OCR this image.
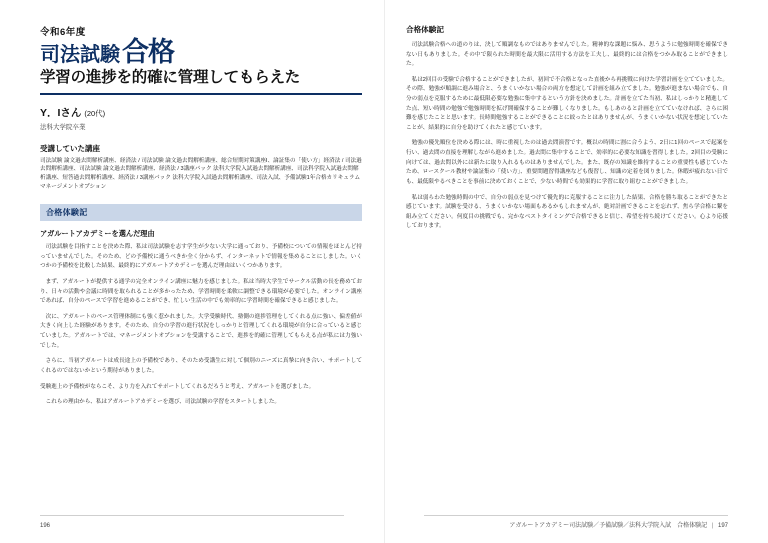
令和6年度
司法試験 合格
学習の進捗を的確に管理してもらえた
Y．Iさん (20代)
法科大学院卒業
受講していた講座
司法試験 論文過去問解析講座、経済法 / 司法試験 論文過去問解析講座、総合短期対策講座Ⅰ、論証集の「使い方」経済法 / 司法過去問解析講座、司法試験 論文過去問解析講座、経済法 / 3講座パック 法科大学院入試過去問解析講座、司法科学院入試過去問解析講座、短答過去問解析講座、経済法 / 3講座パック 法科大学院入試過去問解析講座、司法入試、予備試験1年合格カリキュラム マネージメントオプション
合格体験記
アガルートアカデミーを選んだ理由

司法試験を目指すことを決めた際、私は司法試験を志す学生が少ない大学に通っており、予備校についての情報をほとんど持っていませんでした。そのため、どの予備校に通うべきか全く分からず、インターネットで情報を集めることにしました。いくつかの予備校を比較した結果、最終的にアガルートアカデミーを選んだ理由はいくつかあります。

まず、アガルートが提供する通学の完全オンライン講座に魅力を感じました。私は当時大学生でサークル活動の長を務めており、日々の活動や会議に時間を取られることが多かったため、学習時間を柔軟に調整できる環境が必要でした。オンライン講座であれば、自分のペースで学習を進めることができ、忙しい生活の中でも効率的に学習時間を確保できると感じました。

次に、アガルートのペース管理体制にも強く惹かれました。大学受験時代、塾側の進捗管理をしてくれる点に強い、偏差値が大きく向上した経験があります。そのため、自分の学習の進行状況をしっかりと管理してくれる環境が自分に合っていると感じていました。アガルートでは、マネージメントオプションを受講することで、進捗を的確に管理してもらえる点が私には力強いでした。

さらに、当初アガルートは成長途上の予備校であり、そのため受講生に対して個別のニーズに真摯に向き合い、サポートしてくれるのではないかという期待がありました。

受験進上の予備校がならこそ、より力を入れてサポートしてくれるだろうと考え、アガルートを選びました。

これらの理由から、私はアガルートアカデミーを選び、司法試験の学習をスタートしました。

196
合格体験記

司法試験合格への道のりは、決して順調なものではありませんでした。精神的な課題に悩み、思うように勉強時間を確保できない日もありました。その中で限られた時間を最大限に活用する方法を工夫し、最終的には合格をつかみ取ることができました。

私は2回目の受験で合格することができましたが、初回で不合格となった直後から再挑戦に向けた学習計画を立てていました。その際、勉強が順調に進み場合と、うまくいかない場合の両方を想定して計画を組み立てました。勉強が進まない場合でも、自分の弱点を克服するために最低限必要な勉強に集中するという方針を決めました。計画を立てた当初、私はしっかりと精進してた点、短い時間の勉強で勉強時間を拡げ開確保することが難しくなりました。もしあのると計画を立てていなければ、さらに困難を感じたことと思います。長時間勉強することができることに絞ったとはありませんが、うまくいかない状況を想定していたことが、結果的に自分を助けてくれたと感じています。

勉強の優先順位を決める際には、時に重視したのは過去問演習です。概以の時間に割に合うよう、2日に1回のペースで起案を行い、過去問の直接を理解しながら進めました。過去問に集中することで、効率的に必要な知識を習得しました。2回目の受験に向けては、過去問以外には新たに取り入れるものはありませんでした。また、既存の知識を維持することの重要性も感じていたため、ロースクール教材や論証集の「使い方」、重要問題習得講座なども復習し、知識の定着を図りました。休暇が疲れない日でも、最低限やるべきことを事前に決めておくことで、少ない時間でも効果的に学習に取り組むことができました。

私は弱らわた勉強時間の中で、自分の弱点を見つけて優先的に克服することに注力した結果、合格を勝ち取ることができたと感じています。試験を受ける、うまくいかない場面もあるかもしれませんが、絶対計画できることを忘れず、焦ら学合格に繋を組み立てください。何度目の挑戦でも、完かなベストタイミングで合格できると信じ、希望を持ち続けてください。心より応援しております。

アガルートアカデミー司法試験／予備試験／法科大学院入試　合格体験記 | 197
